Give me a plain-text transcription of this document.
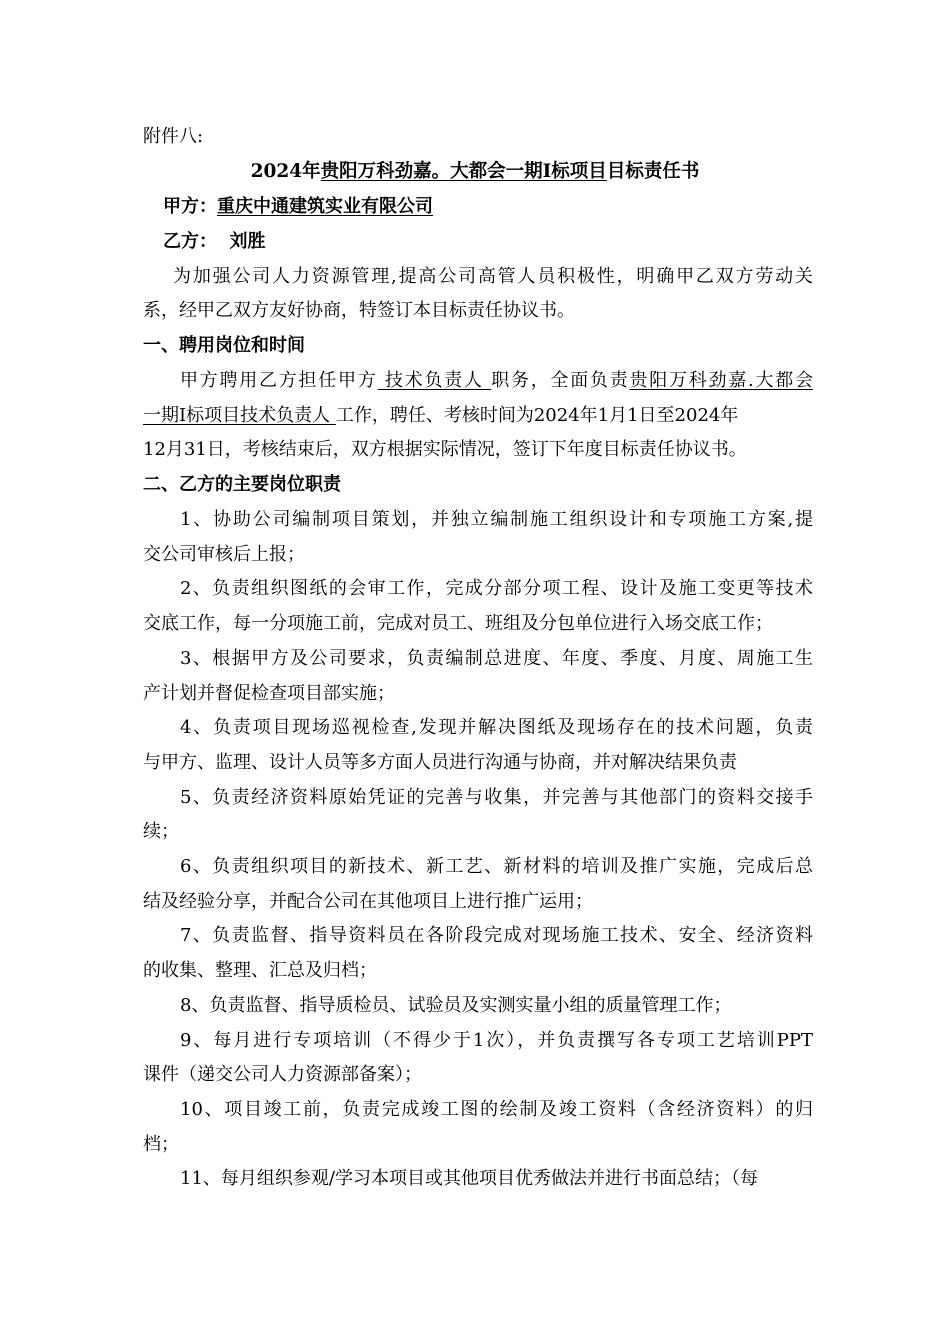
附件八:
2024年贵阳万科劲嘉。大都会一期Ⅰ标项目目标责任书
甲方：重庆中通建筑实业有限公司
乙方： 刘胜
为加强公司人力资源管理,提高公司高管人员积极性，明确甲乙双方劳动关
系，经甲乙双方友好协商，特签订本目标责任协议书。
一、聘用岗位和时间
甲方聘用乙方担任甲方 技术负责人 职务，全面负责贵阳万科劲嘉.大都会
一期Ⅰ标项目技术负责人 工作，聘任、考核时间为2024年1月1日至2024年
12月31日，考核结束后，双方根据实际情况，签订下年度目标责任协议书。
二、乙方的主要岗位职责
1、协助公司编制项目策划，并独立编制施工组织设计和专项施工方案,提
交公司审核后上报；
2、负责组织图纸的会审工作，完成分部分项工程、设计及施工变更等技术
交底工作，每一分项施工前，完成对员工、班组及分包单位进行入场交底工作；
3、根据甲方及公司要求，负责编制总进度、年度、季度、月度、周施工生
产计划并督促检查项目部实施；
4、负责项目现场巡视检查,发现并解决图纸及现场存在的技术问题，负责
与甲方、监理、设计人员等多方面人员进行沟通与协商，并对解决结果负责
5、负责经济资料原始凭证的完善与收集，并完善与其他部门的资料交接手
续；
6、负责组织项目的新技术、新工艺、新材料的培训及推广实施，完成后总
结及经验分享，并配合公司在其他项目上进行推广运用；
7、负责监督、指导资料员在各阶段完成对现场施工技术、安全、经济资料
的收集、整理、汇总及归档；
8、负责监督、指导质检员、试验员及实测实量小组的质量管理工作；
9、每月进行专项培训（不得少于1次），并负责撰写各专项工艺培训PPT
课件（递交公司人力资源部备案）；
10、项目竣工前，负责完成竣工图的绘制及竣工资料（含经济资料）的归
档；
11、每月组织参观/学习本项目或其他项目优秀做法并进行书面总结；（每
